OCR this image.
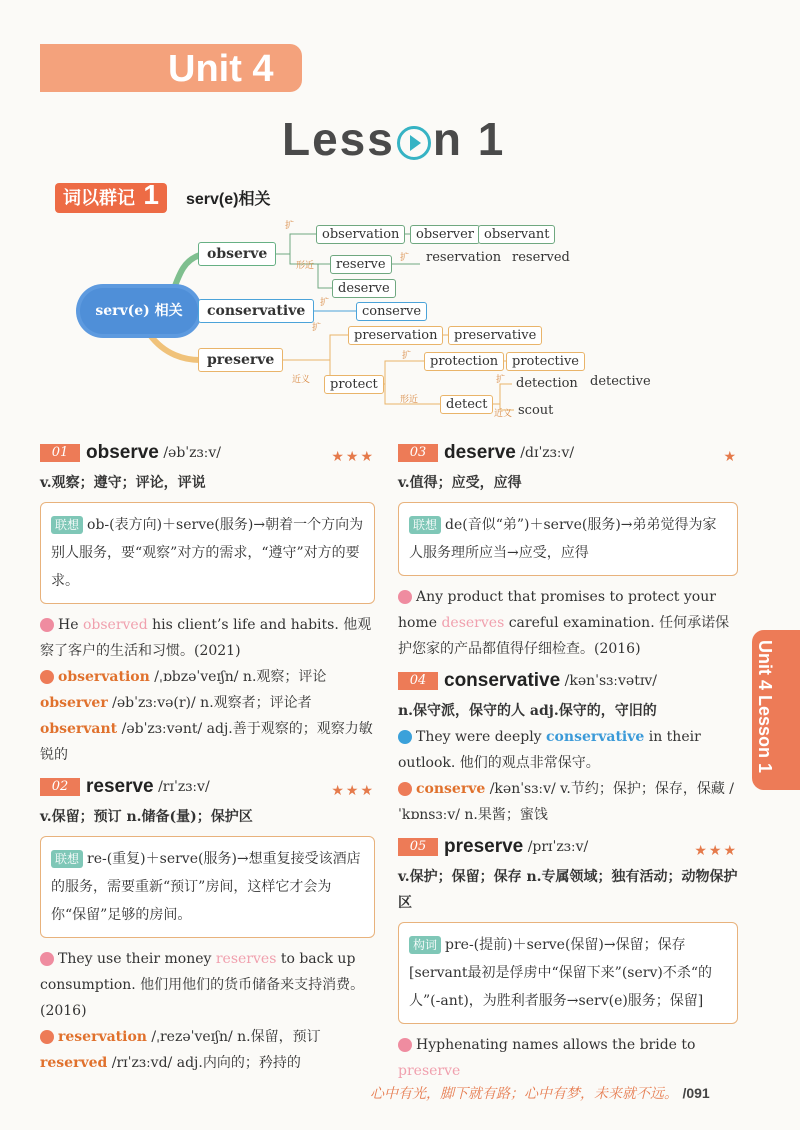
Unit 4
Less n 1
词以群记 1 serv(e)相关
serv(e) 相关
observe
conservative
preserve
扩
形近
observation	observer observant
reserve	扩 reservation reserved
deserve
扩
conserve
扩	preservation	preservative
近义	protect
扩	protection	protective
形近	detect
扩 detection detective
近义 scout
01 observe /əbˈzɜːv/	★★★
v.观察；遵守；评论，评说
联想 ob-(表方向)＋serve(服务)→朝着一个方向为别人服务，要“观察”对方的需求，“遵守”对方的要求。
He observed his client’s life and habits. 他观察了客户的生活和习惯。(2021)
observation /ˌɒbzəˈveɪʃn/ n.观察；评论
observer /əbˈzɜːvə(r)/ n.观察者；评论者
observant /əbˈzɜːvənt/ adj.善于观察的；观察力敏锐的
02 reserve /rɪˈzɜːv/	★★★
v.保留；预订 n.储备(量)；保护区
联想 re-(重复)＋serve(服务)→想重复接受该酒店的服务，需要重新“预订”房间，这样它才会为你“保留”足够的房间。
They use their money reserves to back up consumption. 他们用他们的货币储备来支持消费。(2016)
reservation /ˌrezəˈveɪʃn/ n.保留，预订
reserved /rɪˈzɜːvd/ adj.内向的；矜持的
03 deserve /dɪˈzɜːv/	★
v.值得；应受，应得
联想 de(音似“弟”)＋serve(服务)→弟弟觉得为家人服务理所应当→应受，应得
Any product that promises to protect your home deserves careful examination. 任何承诺保护您家的产品都值得仔细检查。(2016)
04 conservative /kənˈsɜːvətɪv/
n.保守派，保守的人 adj.保守的，守旧的
They were deeply conservative in their outlook. 他们的观点非常保守。
conserve /kənˈsɜːv/ v.节约；保护；保存，保藏 /ˈkɒnsɜːv/ n.果酱；蜜饯
05 preserve /prɪˈzɜːv/	★★★
v.保护；保留；保存 n.专属领域；独有活动；动物保护区
构词 pre-(提前)＋serve(保留)→保留；保存[servant最初是俘虏中“保留下来”(serv)不杀“的人”(-ant)，为胜利者服务→serv(e)服务；保留]
Hyphenating names allows the bride to preserve
Unit 4 Lesson 1
心中有光，脚下就有路；心中有梦，未来就不远。 /091
